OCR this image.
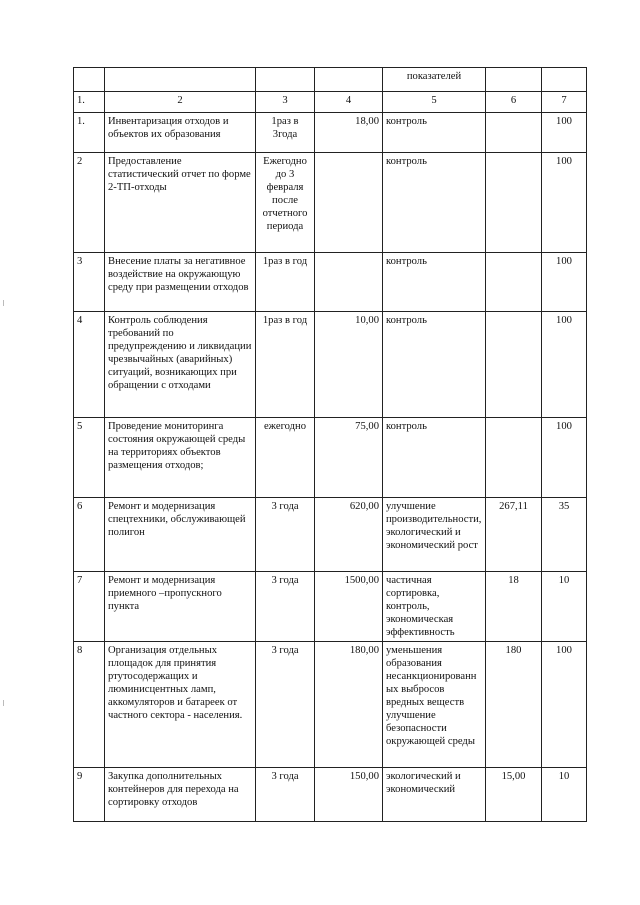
				показателей		
1.	2	3	4	5	6	7
1.	Инвентаризация отходов и объектов их образования	1раз в 3года	18,00	контроль		100
2	Предоставление статистический отчет по форме 2-ТП-отходы	Ежегодно до 3 февраля после отчетного периода		контроль		100
3	Внесение платы за негативное воздействие на окружающую среду при размещении отходов	1раз в год		контроль		100
4	Контроль соблюдения требований по предупреждению и ликвидации чрезвычайных (аварийных) ситуаций, возникающих при обращении с отходами	1раз в год	10,00	контроль		100
5	Проведение мониторинга состояния окружающей среды на территориях объектов размещения отходов;	ежегодно	75,00	контроль		100
6	Ремонт и модернизация спецтехники, обслуживающей полигон	3 года	620,00	улучшение производительности, экологический и экономический рост	267,11	35
7	Ремонт и модернизация приемного –пропускного пункта	3 года	1500,00	частичная сортировка, контроль, экономическая эффективность	18	10
8	Организация отдельных площадок для принятия ртутосодержащих и люминисцентных ламп, аккомуляторов и батареек от частного сектора - населения.	3 года	180,00	уменьшения образования несанкционированных выбросов вредных веществ улучшение безопасности окружающей среды	180	100
9	Закупка дополнительных контейнеров для перехода на сортировку отходов	3 года	150,00	экологический и экономический	15,00	10
